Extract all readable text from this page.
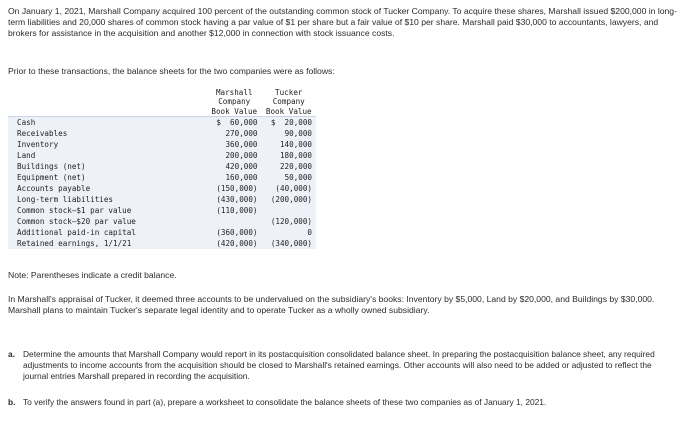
On January 1, 2021, Marshall Company acquired 100 percent of the outstanding common stock of Tucker Company. To acquire these shares, Marshall issued $200,000 in long-term liabilities and 20,000 shares of common stock having a par value of $1 per share but a fair value of $10 per share. Marshall paid $30,000 to accountants, lawyers, and brokers for assistance in the acquisition and another $12,000 in connection with stock issuance costs.

Prior to these transactions, the balance sheets for the two companies were as follows:

	Marshall	Tucker
	Company	Company
	Book Value	Book Value
Cash	$  60,000	$  20,000
Receivables	270,000	90,000
Inventory	360,000	140,000
Land	200,000	180,000
Buildings (net)	420,000	220,000
Equipment (net)	160,000	50,000
Accounts payable	(150,000)	(40,000)
Long-term liabilities	(430,000)	(200,000)
Common stock—$1 par value	(110,000)	
Common stock—$20 par value		(120,000)
Additional paid-in capital	(360,000)	0
Retained earnings, 1/1/21	(420,000)	(340,000)

Note: Parentheses indicate a credit balance.

In Marshall's appraisal of Tucker, it deemed three accounts to be undervalued on the subsidiary's books: Inventory by $5,000, Land by $20,000, and Buildings by $30,000. Marshall plans to maintain Tucker's separate legal identity and to operate Tucker as a wholly owned subsidiary.

a. Determine the amounts that Marshall Company would report in its postacquisition consolidated balance sheet. In preparing the postacquisition balance sheet, any required adjustments to income accounts from the acquisition should be closed to Marshall's retained earnings. Other accounts will also need to be added or adjusted to reflect the journal entries Marshall prepared in recording the acquisition.
b. To verify the answers found in part (a), prepare a worksheet to consolidate the balance sheets of these two companies as of January 1, 2021.
